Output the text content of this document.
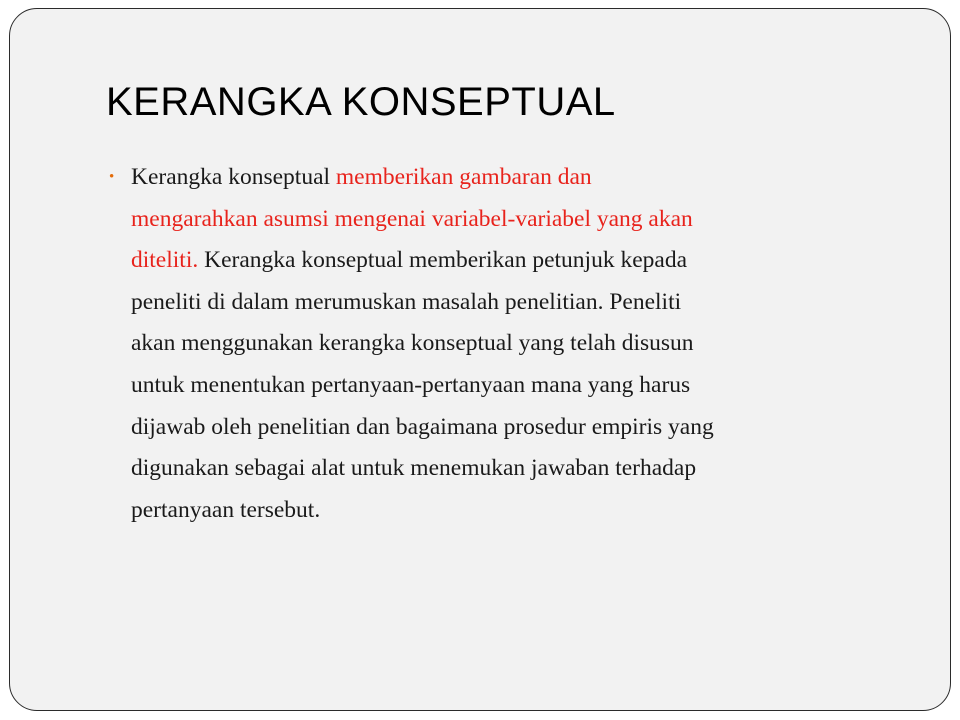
KERANGKA KONSEPTUAL
• Kerangka konseptual memberikan gambaran dan
mengarahkan asumsi mengenai variabel-variabel yang akan
diteliti. Kerangka konseptual memberikan petunjuk kepada
peneliti di dalam merumuskan masalah penelitian. Peneliti
akan menggunakan kerangka konseptual yang telah disusun
untuk menentukan pertanyaan-pertanyaan mana yang harus
dijawab oleh penelitian dan bagaimana prosedur empiris yang
digunakan sebagai alat untuk menemukan jawaban terhadap
pertanyaan tersebut.
